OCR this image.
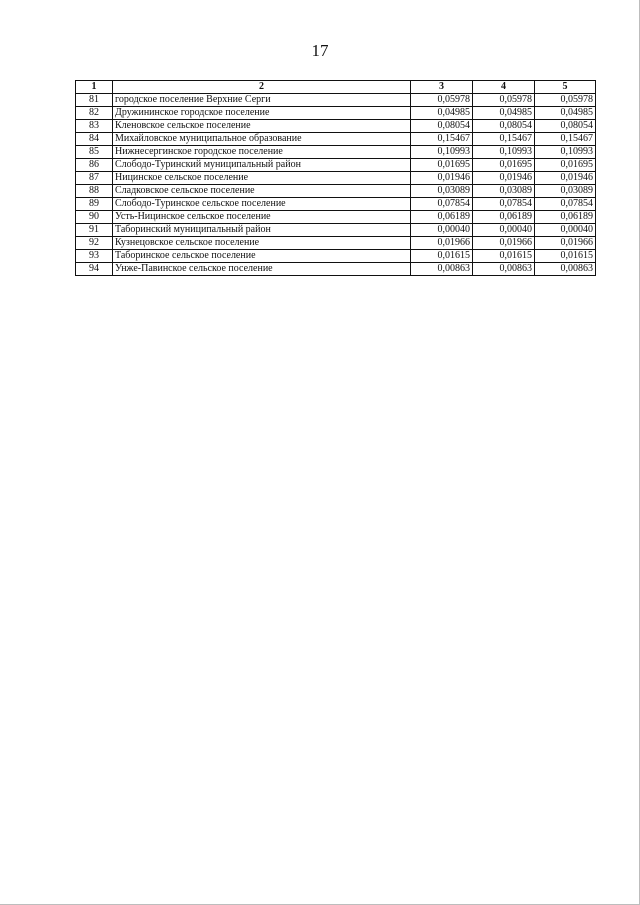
17
1	2	3	4	5
81	городское поселение Верхние Серги	0,05978	0,05978	0,05978
82	Дружининское городское поселение	0,04985	0,04985	0,04985
83	Кленовское сельское поселение	0,08054	0,08054	0,08054
84	Михайловское муниципальное образование	0,15467	0,15467	0,15467
85	Нижнесергинское городское поселение	0,10993	0,10993	0,10993
86	Слободо-Туринский муниципальный район	0,01695	0,01695	0,01695
87	Ницинское сельское поселение	0,01946	0,01946	0,01946
88	Сладковское сельское поселение	0,03089	0,03089	0,03089
89	Слободо-Туринское сельское поселение	0,07854	0,07854	0,07854
90	Усть-Ницинское сельское поселение	0,06189	0,06189	0,06189
91	Таборинский муниципальный район	0,00040	0,00040	0,00040
92	Кузнецовское сельское поселение	0,01966	0,01966	0,01966
93	Таборинское сельское поселение	0,01615	0,01615	0,01615
94	Унже-Павинское сельское поселение	0,00863	0,00863	0,00863
